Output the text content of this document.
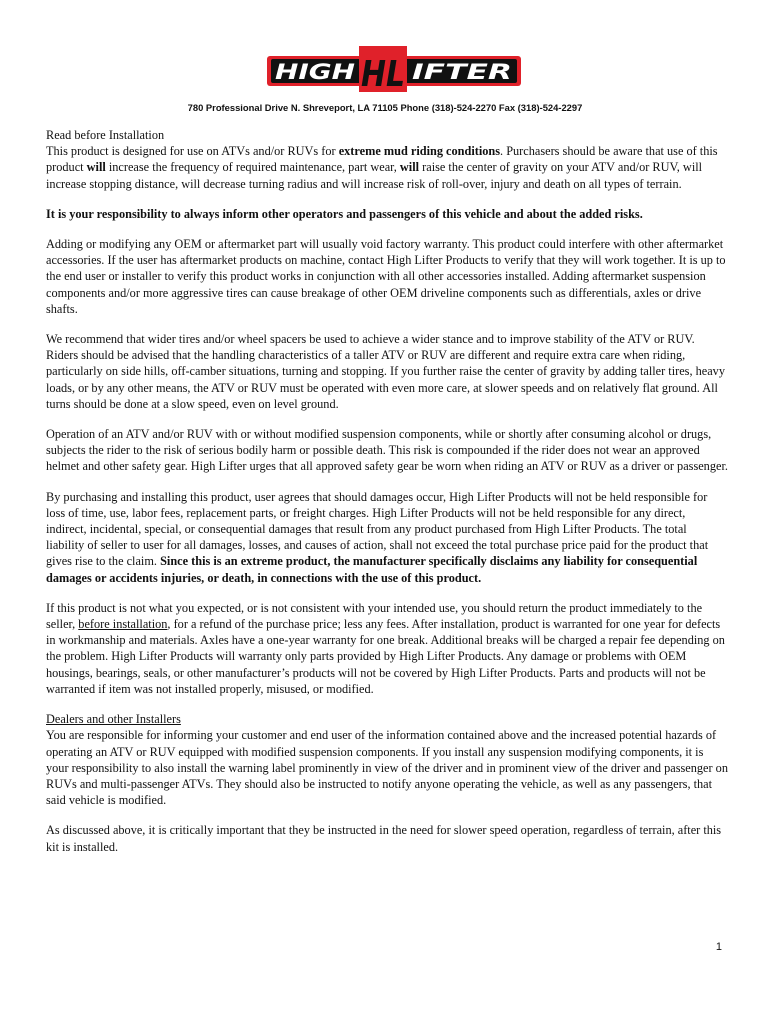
HIGH HL IFTER
780 Professional Drive N. Shreveport, LA 71105 Phone (318)-524-2270 Fax (318)-524-2297

Read before Installation

This product is designed for use on ATVs and/or RUVs for extreme mud riding conditions. Purchasers should be aware that use of this product will increase the frequency of required maintenance, part wear, will raise the center of gravity on your ATV and/or RUV, will increase stopping distance, will decrease turning radius and will increase risk of roll-over, injury and death on all types of terrain.

It is your responsibility to always inform other operators and passengers of this vehicle and about the added risks.

Adding or modifying any OEM or aftermarket part will usually void factory warranty. This product could interfere with other aftermarket accessories. If the user has aftermarket products on machine, contact High Lifter Products to verify that they will work together. It is up to the end user or installer to verify this product works in conjunction with all other accessories installed. Adding aftermarket suspension components and/or more aggressive tires can cause breakage of other OEM driveline components such as differentials, axles or drive shafts.

We recommend that wider tires and/or wheel spacers be used to achieve a wider stance and to improve stability of the ATV or RUV. Riders should be advised that the handling characteristics of a taller ATV or RUV are different and require extra care when riding, particularly on side hills, off-camber situations, turning and stopping. If you further raise the center of gravity by adding taller tires, heavy loads, or by any other means, the ATV or RUV must be operated with even more care, at slower speeds and on relatively flat ground. All turns should be done at a slow speed, even on level ground.

Operation of an ATV and/or RUV with or without modified suspension components, while or shortly after consuming alcohol or drugs, subjects the rider to the risk of serious bodily harm or possible death. This risk is compounded if the rider does not wear an approved helmet and other safety gear. High Lifter urges that all approved safety gear be worn when riding an ATV or RUV as a driver or passenger.

By purchasing and installing this product, user agrees that should damages occur, High Lifter Products will not be held responsible for loss of time, use, labor fees, replacement parts, or freight charges. High Lifter Products will not be held responsible for any direct, indirect, incidental, special, or consequential damages that result from any product purchased from High Lifter Products. The total liability of seller to user for all damages, losses, and causes of action, shall not exceed the total purchase price paid for the product that gives rise to the claim. Since this is an extreme product, the manufacturer specifically disclaims any liability for consequential damages or accidents injuries, or death, in connections with the use of this product.

If this product is not what you expected, or is not consistent with your intended use, you should return the product immediately to the seller, before installation, for a refund of the purchase price; less any fees. After installation, product is warranted for one year for defects in workmanship and materials. Axles have a one-year warranty for one break. Additional breaks will be charged a repair fee depending on the problem. High Lifter Products will warranty only parts provided by High Lifter Products. Any damage or problems with OEM housings, bearings, seals, or other manufacturer’s products will not be covered by High Lifter Products. Parts and products will not be warranted if item was not installed properly, misused, or modified.

Dealers and other Installers

You are responsible for informing your customer and end user of the information contained above and the increased potential hazards of operating an ATV or RUV equipped with modified suspension components. If you install any suspension modifying components, it is your responsibility to also install the warning label prominently in view of the driver and in prominent view of the driver and passenger on RUVs and multi-passenger ATVs. They should also be instructed to notify anyone operating the vehicle, as well as any passengers, that said vehicle is modified.

As discussed above, it is critically important that they be instructed in the need for slower speed operation, regardless of terrain, after this kit is installed.

1
